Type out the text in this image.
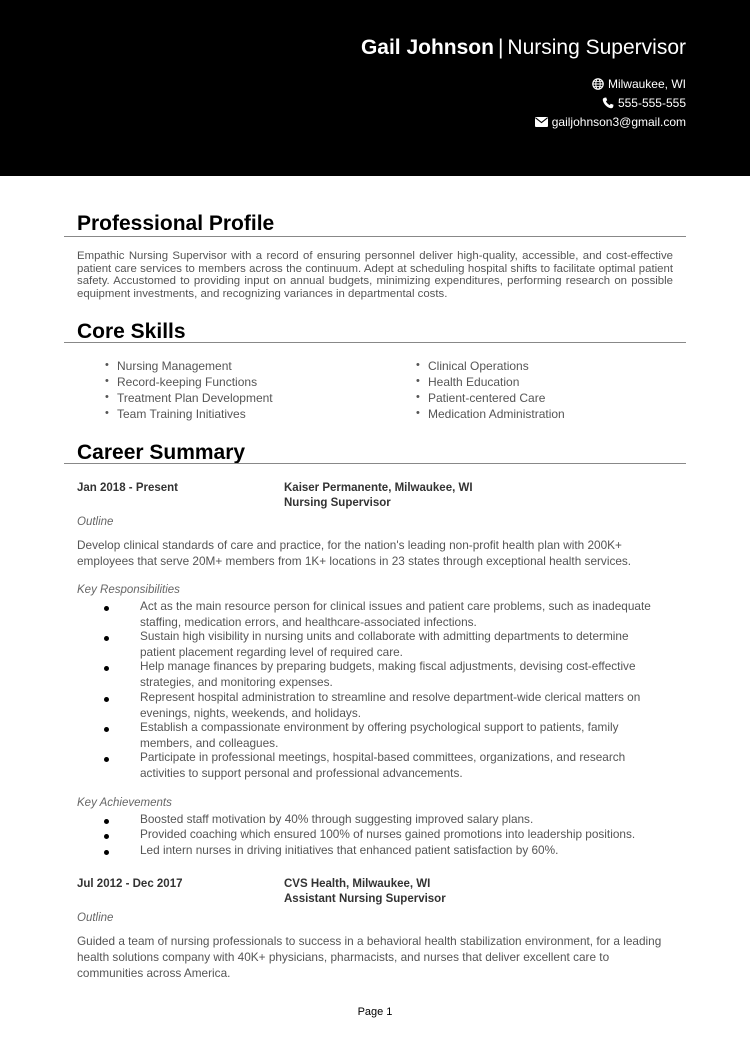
Gail Johnson | Nursing Supervisor
Milwaukee, WI
555-555-555
gailjohnson3@gmail.com
Professional Profile
Empathic Nursing Supervisor with a record of ensuring personnel deliver high-quality, accessible, and cost-effective patient care services to members across the continuum. Adept at scheduling hospital shifts to facilitate optimal patient safety. Accustomed to providing input on annual budgets, minimizing expenditures, performing research on possible equipment investments, and recognizing variances in departmental costs.
Core Skills
• Nursing Management
• Record-keeping Functions
• Treatment Plan Development
• Team Training Initiatives
• Clinical Operations
• Health Education
• Patient-centered Care
• Medication Administration
Career Summary
Jan 2018 - Present	Kaiser Permanente, Milwaukee, WI
Nursing Supervisor
Outline
Develop clinical standards of care and practice, for the nation's leading non-profit health plan with 200K+ employees that serve 20M+ members from 1K+ locations in 23 states through exceptional health services.
Key Responsibilities
Act as the main resource person for clinical issues and patient care problems, such as inadequate staffing, medication errors, and healthcare-associated infections.
Sustain high visibility in nursing units and collaborate with admitting departments to determine patient placement regarding level of required care.
Help manage finances by preparing budgets, making fiscal adjustments, devising cost-effective strategies, and monitoring expenses.
Represent hospital administration to streamline and resolve department-wide clerical matters on evenings, nights, weekends, and holidays.
Establish a compassionate environment by offering psychological support to patients, family members, and colleagues.
Participate in professional meetings, hospital-based committees, organizations, and research activities to support personal and professional advancements.
Key Achievements
Boosted staff motivation by 40% through suggesting improved salary plans.
Provided coaching which ensured 100% of nurses gained promotions into leadership positions.
Led intern nurses in driving initiatives that enhanced patient satisfaction by 60%.
Jul 2012 - Dec 2017	CVS Health, Milwaukee, WI
Assistant Nursing Supervisor
Outline
Guided a team of nursing professionals to success in a behavioral health stabilization environment, for a leading health solutions company with 40K+ physicians, pharmacists, and nurses that deliver excellent care to communities across America.
Page 1
